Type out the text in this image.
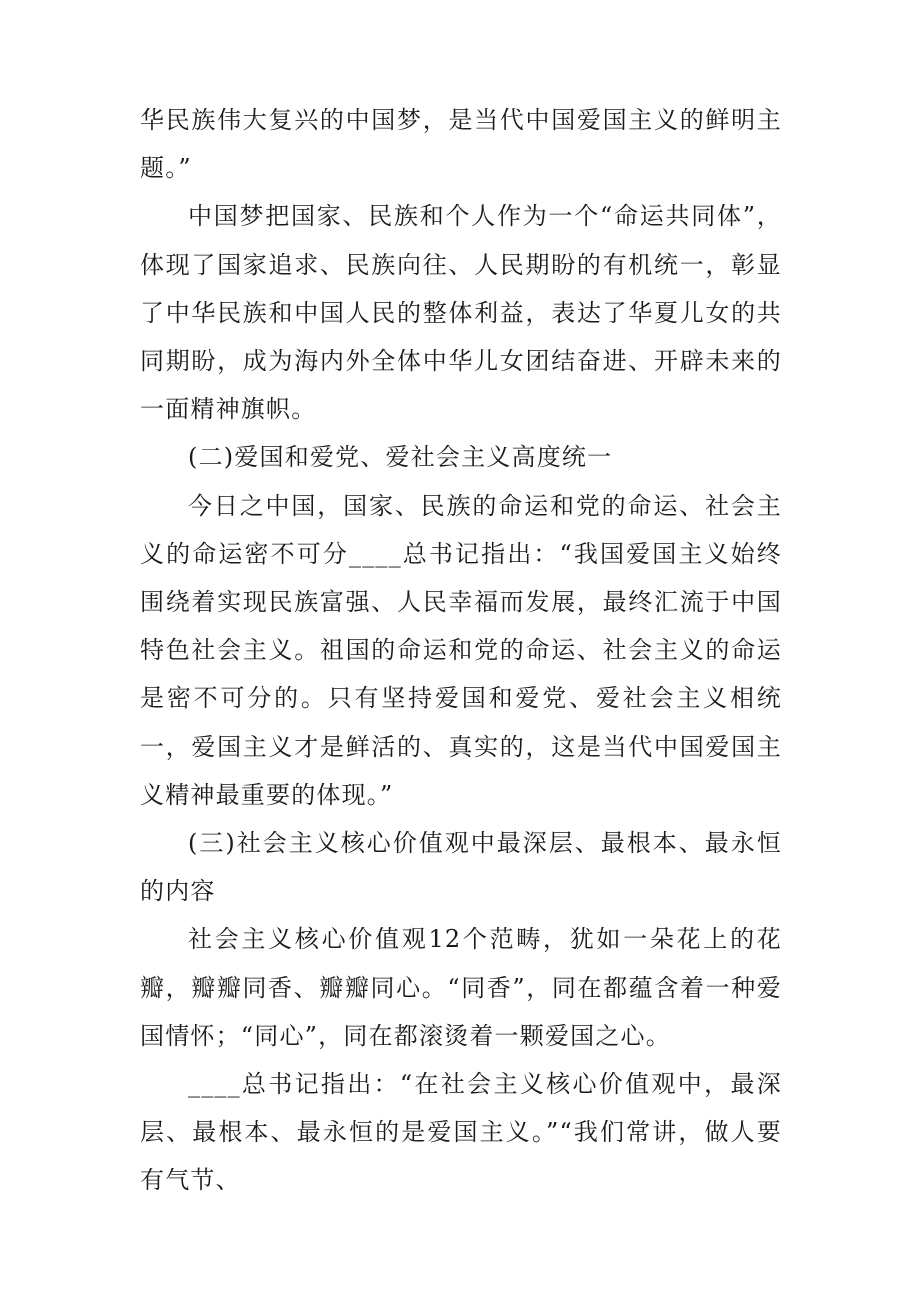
华民族伟大复兴的中国梦，是当代中国爱国主义的鲜明主题。”

中国梦把国家、民族和个人作为一个“命运共同体”，体现了国家追求、民族向往、人民期盼的有机统一，彰显了中华民族和中国人民的整体利益，表达了华夏儿女的共同期盼，成为海内外全体中华儿女团结奋进、开辟未来的一面精神旗帜。

(二)爱国和爱党、爱社会主义高度统一

今日之中国，国家、民族的命运和党的命运、社会主义的命运密不可分____总书记指出：“我国爱国主义始终围绕着实现民族富强、人民幸福而发展，最终汇流于中国特色社会主义。祖国的命运和党的命运、社会主义的命运是密不可分的。只有坚持爱国和爱党、爱社会主义相统一，爱国主义才是鲜活的、真实的，这是当代中国爱国主义精神最重要的体现。”

(三)社会主义核心价值观中最深层、最根本、最永恒的内容

社会主义核心价值观12个范畴，犹如一朵花上的花瓣，瓣瓣同香、瓣瓣同心。“同香”，同在都蕴含着一种爱国情怀；“同心”，同在都滚烫着一颗爱国之心。

____总书记指出：“在社会主义核心价值观中，最深层、最根本、最永恒的是爱国主义。”“我们常讲，做人要有气节、
